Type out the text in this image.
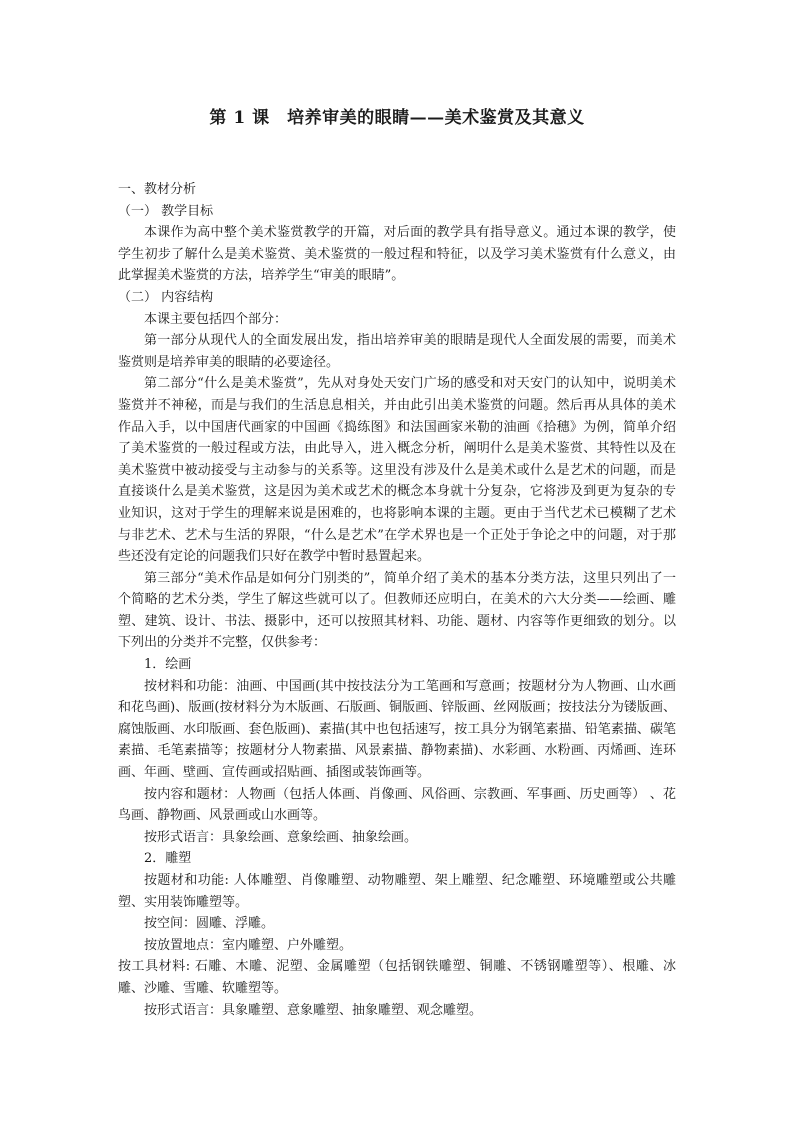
第 1 课　培养审美的眼睛——美术鉴赏及其意义

一、教材分析

（一） 教学目标

本课作为高中整个美术鉴赏教学的开篇，对后面的教学具有指导意义。通过本课的教学，使学生初步了解什么是美术鉴赏、美术鉴赏的一般过程和特征，以及学习美术鉴赏有什么意义，由此掌握美术鉴赏的方法，培养学生“审美的眼睛”。

（二） 内容结构

本课主要包括四个部分：

第一部分从现代人的全面发展出发，指出培养审美的眼睛是现代人全面发展的需要，而美术鉴赏则是培养审美的眼睛的必要途径。

第二部分“什么是美术鉴赏”，先从对身处天安门广场的感受和对天安门的认知中，说明美术鉴赏并不神秘，而是与我们的生活息息相关，并由此引出美术鉴赏的问题。然后再从具体的美术作品入手，以中国唐代画家的中国画《捣练图》和法国画家米勒的油画《拾穗》为例，简单介绍了美术鉴赏的一般过程或方法，由此导入，进入概念分析，阐明什么是美术鉴赏、其特性以及在美术鉴赏中被动接受与主动参与的关系等。这里没有涉及什么是美术或什么是艺术的问题，而是直接谈什么是美术鉴赏，这是因为美术或艺术的概念本身就十分复杂，它将涉及到更为复杂的专业知识，这对于学生的理解来说是困难的，也将影响本课的主题。更由于当代艺术已模糊了艺术与非艺术、艺术与生活的界限，“什么是艺术”在学术界也是一个正处于争论之中的问题，对于那些还没有定论的问题我们只好在教学中暂时悬置起来。

第三部分“美术作品是如何分门别类的”，简单介绍了美术的基本分类方法，这里只列出了一个简略的艺术分类，学生了解这些就可以了。但教师还应明白，在美术的六大分类——绘画、雕塑、建筑、设计、书法、摄影中，还可以按照其材料、功能、题材、内容等作更细致的划分。以下列出的分类并不完整，仅供参考：

1．绘画

按材料和功能：油画、中国画(其中按技法分为工笔画和写意画；按题材分为人物画、山水画和花鸟画)、版画(按材料分为木版画、石版画、铜版画、锌版画、丝网版画；按技法分为镂版画、腐蚀版画、水印版画、套色版画)、素描(其中也包括速写，按工具分为钢笔素描、铅笔素描、碳笔素描、毛笔素描等；按题材分人物素描、风景素描、静物素描)、水彩画、水粉画、丙烯画、连环画、年画、壁画、宣传画或招贴画、插图或装饰画等。

按内容和题材：人物画（包括人体画、肖像画、风俗画、宗教画、军事画、历史画等） 、花鸟画、静物画、风景画或山水画等。

按形式语言：具象绘画、意象绘画、抽象绘画。

2．雕塑

按题材和功能: 人体雕塑、肖像雕塑、动物雕塑、架上雕塑、纪念雕塑、环境雕塑或公共雕塑、实用装饰雕塑等。

按空间：圆雕、浮雕。

按放置地点：室内雕塑、户外雕塑。

按工具材料: 石雕、木雕、泥塑、金属雕塑（包括钢铁雕塑、铜雕、不锈钢雕塑等）、根雕、冰雕、沙雕、雪雕、软雕塑等。

按形式语言：具象雕塑、意象雕塑、抽象雕塑、观念雕塑。
